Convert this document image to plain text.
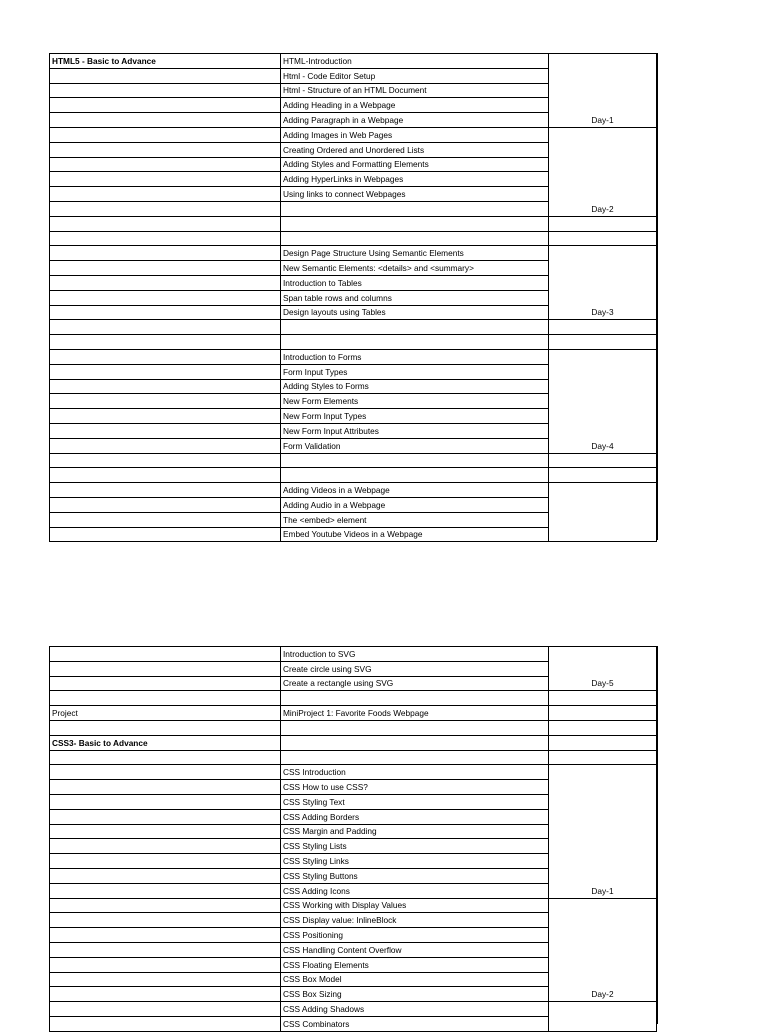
HTML5 - Basic to Advance	HTML-Introduction	Day-1
	Html - Code Editor Setup	
	Html - Structure of an HTML Document	
	Adding Heading in a Webpage	
	Adding Paragraph in a Webpage	
	Adding Images in Web Pages	Day-2
	Creating Ordered and Unordered Lists	
	Adding Styles and Formatting Elements	
	Adding HyperLinks in Webpages	
	Using links to connect Webpages	

	Design Page Structure Using Semantic Elements	Day-3
	New Semantic Elements: <details> and <summary>	
	Introduction to Tables	
	Span table rows and columns	
	Design layouts using Tables	

	Introduction to Forms	Day-4
	Form Input Types	
	Adding Styles to Forms	
	New Form Elements	
	New Form Input Types	
	New Form Input Attributes	
	Form Validation	

	Adding Videos in a Webpage	
	Adding Audio in a Webpage	
	The <embed> element	
	Embed Youtube Videos in a Webpage	
	Introduction to SVG	Day-5
	Create circle using SVG	
	Create a rectangle using SVG	

Project	MiniProject 1: Favorite Foods Webpage	

CSS3- Basic to Advance		

	CSS Introduction	Day-1
	CSS How to use CSS?	
	CSS Styling Text	
	CSS Adding Borders	
	CSS Margin and Padding	
	CSS Styling Lists	
	CSS Styling Links	
	CSS Styling Buttons	
	CSS Adding Icons	
	CSS Working with Display Values	Day-2
	CSS Display value: InlineBlock	
	CSS Positioning	
	CSS Handling Content Overflow	
	CSS Floating Elements	
	CSS Box Model	
	CSS Box Sizing	
	CSS Adding Shadows	
	CSS Combinators	
